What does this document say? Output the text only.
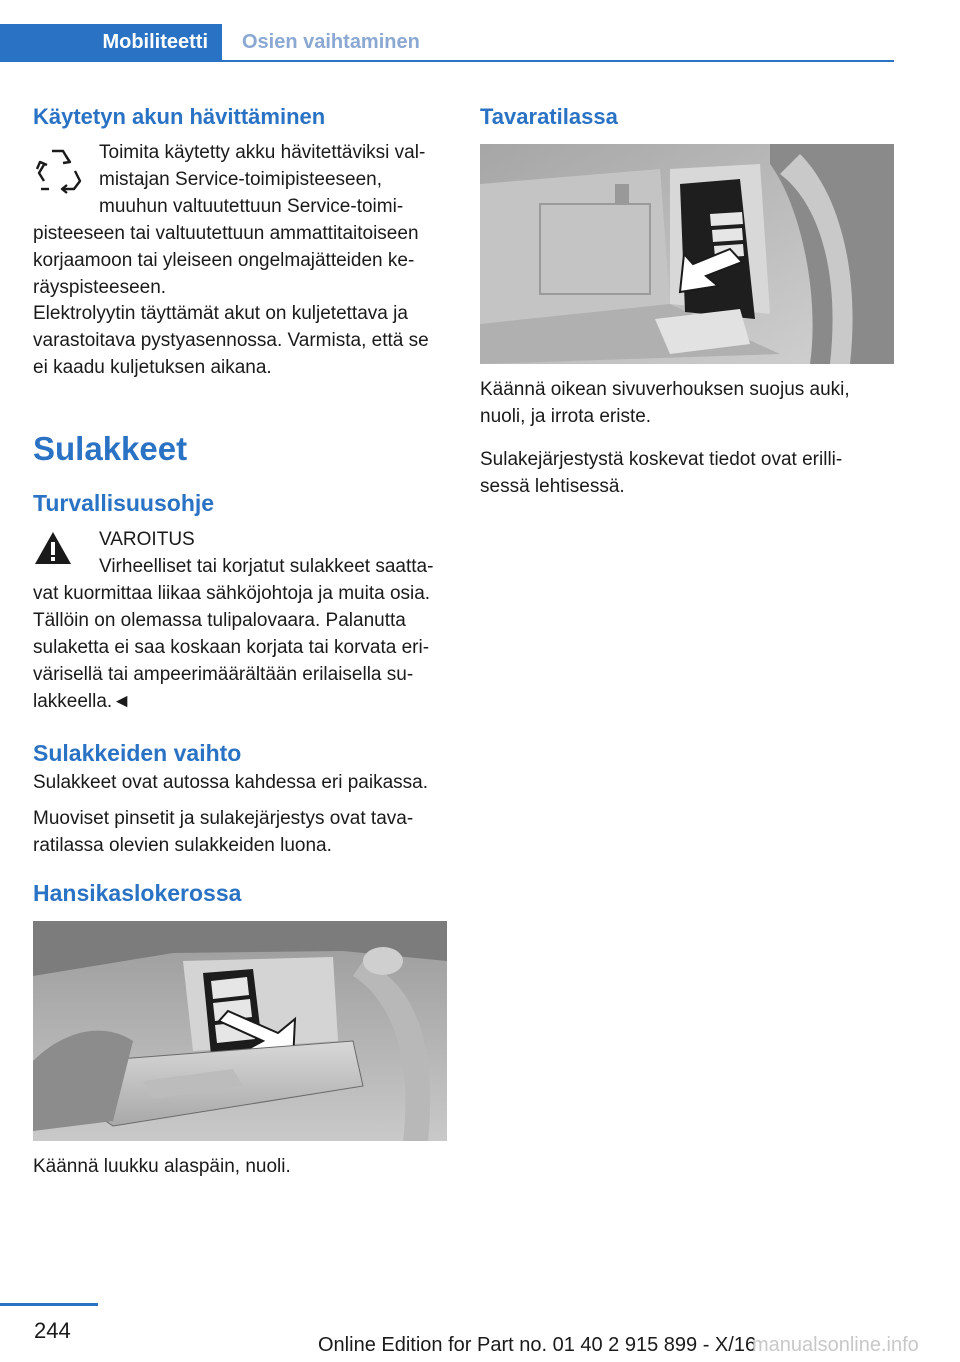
Mobiliteetti	Osien vaihtaminen
Käytetyn akun hävittäminen
Toimita käytetty akku hävitettäviksi val-
mistajan Service-toimipisteeseen,
muuhun valtuutettuun Service-toimi-
pisteeseen tai valtuutettuun ammattitaitoiseen
korjaamoon tai yleiseen ongelmajätteiden ke-
räyspisteeseen.
Elektrolyytin täyttämät akut on kuljetettava ja
varastoitava pystyasennossa. Varmista, että se
ei kaadu kuljetuksen aikana.
Sulakkeet
Turvallisuusohje
VAROITUS
Virheelliset tai korjatut sulakkeet saatta-
vat kuormittaa liikaa sähköjohtoja ja muita osia.
Tällöin on olemassa tulipalovaara. Palanutta
sulaketta ei saa koskaan korjata tai korvata eri-
värisellä tai ampeerimäärältään erilaisella su-
lakkeella.◄
Sulakkeiden vaihto
Sulakkeet ovat autossa kahdessa eri paikassa.
Muoviset pinsetit ja sulakejärjestys ovat tava-
ratilassa olevien sulakkeiden luona.
Hansikaslokerossa
Käännä luukku alaspäin, nuoli.
Tavaratilassa
Käännä oikean sivuverhouksen suojus auki,
nuoli, ja irrota eriste.
Sulakejärjestystä koskevat tiedot ovat erilli-
sessä lehtisessä.
244
Online Edition for Part no. 01 40 2 915 899 - X/16
manualsonline.info
